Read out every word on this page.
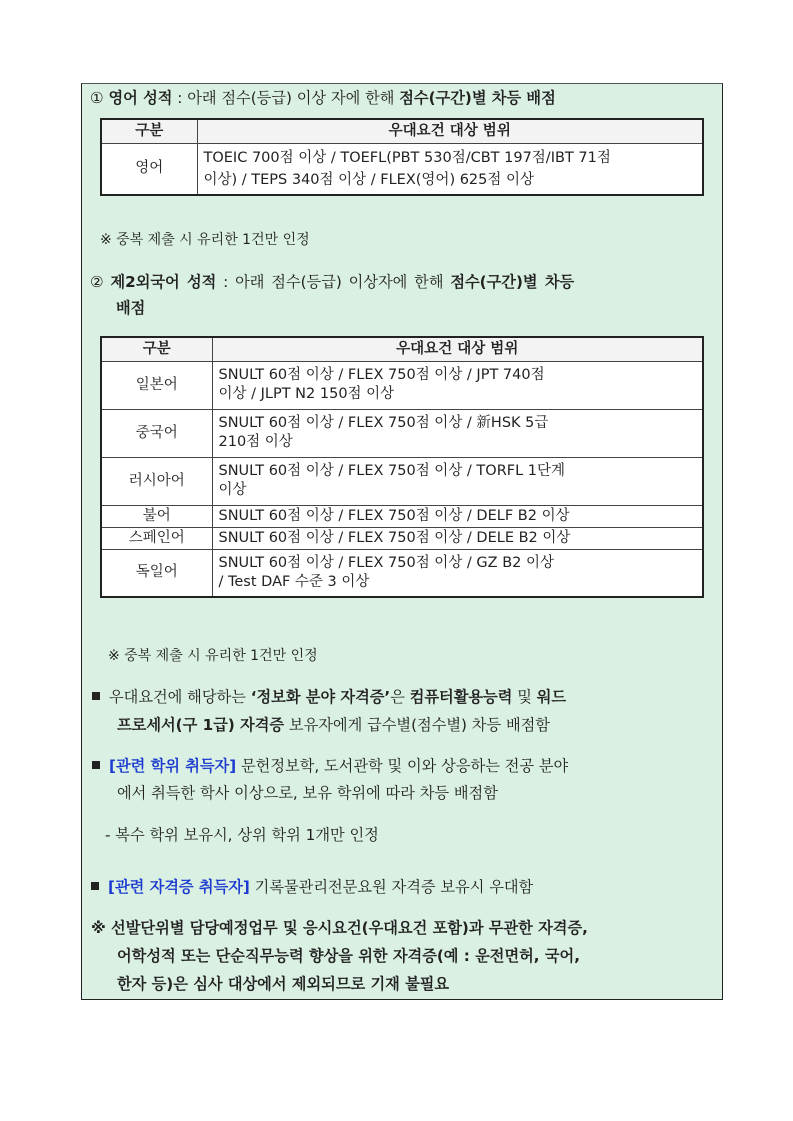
① 영어 성적 : 아래 점수(등급) 이상 자에 한해 점수(구간)별 차등 배점
구분	우대요건 대상 범위
영어	TOEIC 700점 이상 / TOEFL(PBT 530점/CBT 197점/IBT 71점
이상) / TEPS 340점 이상 / FLEX(영어) 625점 이상
※ 중복 제출 시 유리한 1건만 인정
② 제2외국어 성적 : 아래 점수(등급) 이상자에 한해 점수(구간)별 차등
배점
구분	우대요건 대상 범위
일본어	SNULT 60점 이상 / FLEX 750점 이상 / JPT 740점
이상 / JLPT N2 150점 이상

중국어	SNULT 60점 이상 / FLEX 750점 이상 / 新HSK 5급
210점 이상

러시아어	SNULT 60점 이상 / FLEX 750점 이상 / TORFL 1단계
이상

불어	SNULT 60점 이상 / FLEX 750점 이상 / DELF B2 이상

스페인어	SNULT 60점 이상 / FLEX 750점 이상 / DELE B2 이상

독일어	SNULT 60점 이상 / FLEX 750점 이상 / GZ B2 이상
/ Test DAF 수준 3 이상
※ 중복 제출 시 유리한 1건만 인정
우대요건에 해당하는 ‘정보화 분야 자격증’은 컴퓨터활용능력 및 워드
프로세서(구 1급) 자격증 보유자에게 급수별(점수별) 차등 배점함
[관련 학위 취득자] 문헌정보학, 도서관학 및 이와 상응하는 전공 분야
에서 취득한 학사 이상으로, 보유 학위에 따라 차등 배점함
- 복수 학위 보유시, 상위 학위 1개만 인정
[관련 자격증 취득자] 기록물관리전문요원 자격증 보유시 우대함
※ 선발단위별 담당예정업무 및 응시요건(우대요건 포함)과 무관한 자격증,
어학성적 또는 단순직무능력 향상을 위한 자격증(예 : 운전면허, 국어,
한자 등)은 심사 대상에서 제외되므로 기재 불필요
